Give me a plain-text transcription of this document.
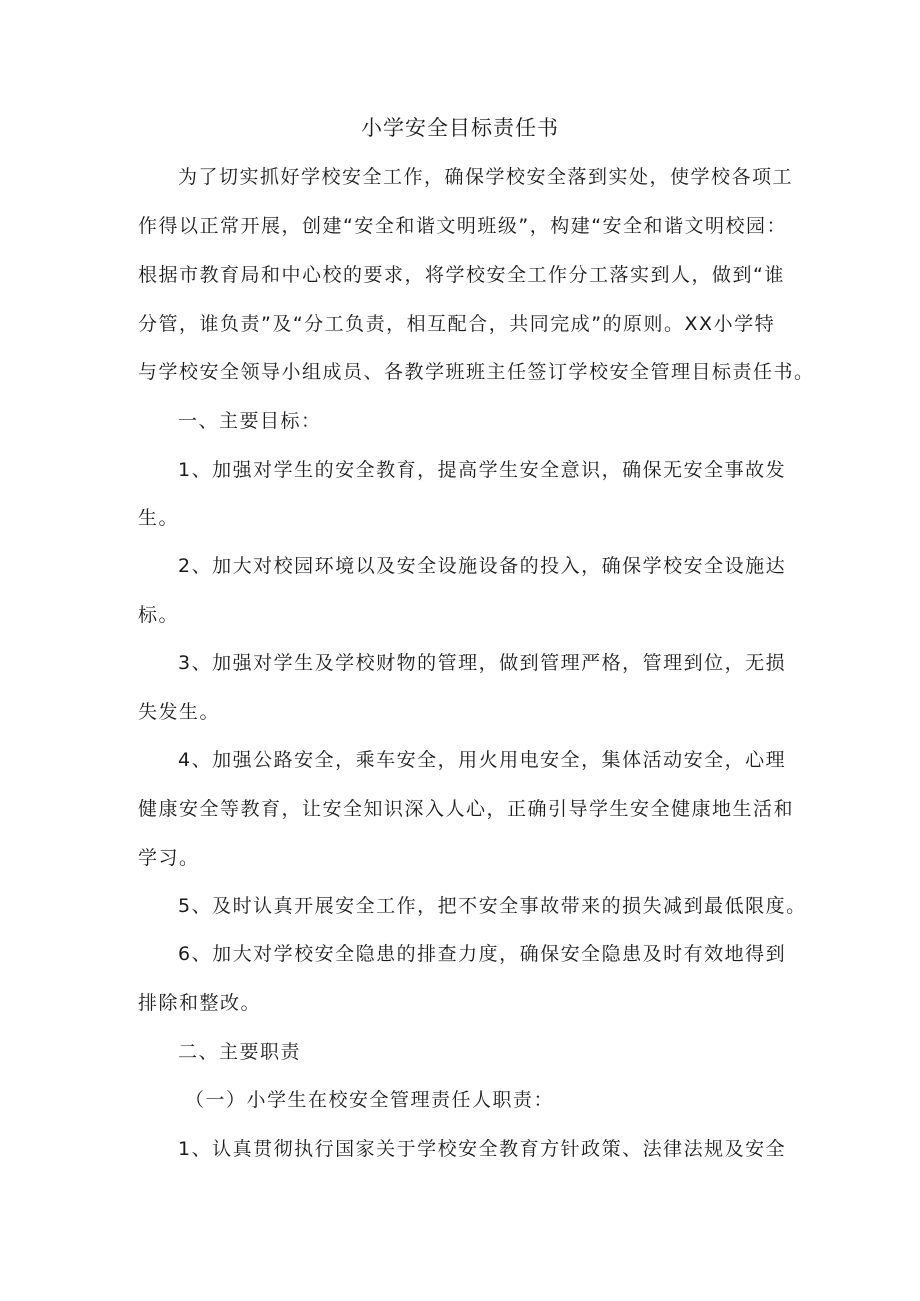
小学安全目标责任书

为了切实抓好学校安全工作，确保学校安全落到实处，使学校各项工

作得以正常开展，创建“安全和谐文明班级”，构建“安全和谐文明校园：

根据市教育局和中心校的要求，将学校安全工作分工落实到人，做到“谁

分管，谁负责”及“分工负责，相互配合，共同完成”的原则。XX小学特

与学校安全领导小组成员、各教学班班主任签订学校安全管理目标责任书。

一、主要目标：

1、加强对学生的安全教育，提高学生安全意识，确保无安全事故发

生。

2、加大对校园环境以及安全设施设备的投入，确保学校安全设施达

标。

3、加强对学生及学校财物的管理，做到管理严格，管理到位，无损

失发生。

4、加强公路安全，乘车安全，用火用电安全，集体活动安全，心理

健康安全等教育，让安全知识深入人心，正确引导学生安全健康地生活和

学习。

5、及时认真开展安全工作，把不安全事故带来的损失减到最低限度。

6、加大对学校安全隐患的排查力度，确保安全隐患及时有效地得到

排除和整改。

二、主要职责

（一）小学生在校安全管理责任人职责：

1、认真贯彻执行国家关于学校安全教育方针政策、法律法规及安全
